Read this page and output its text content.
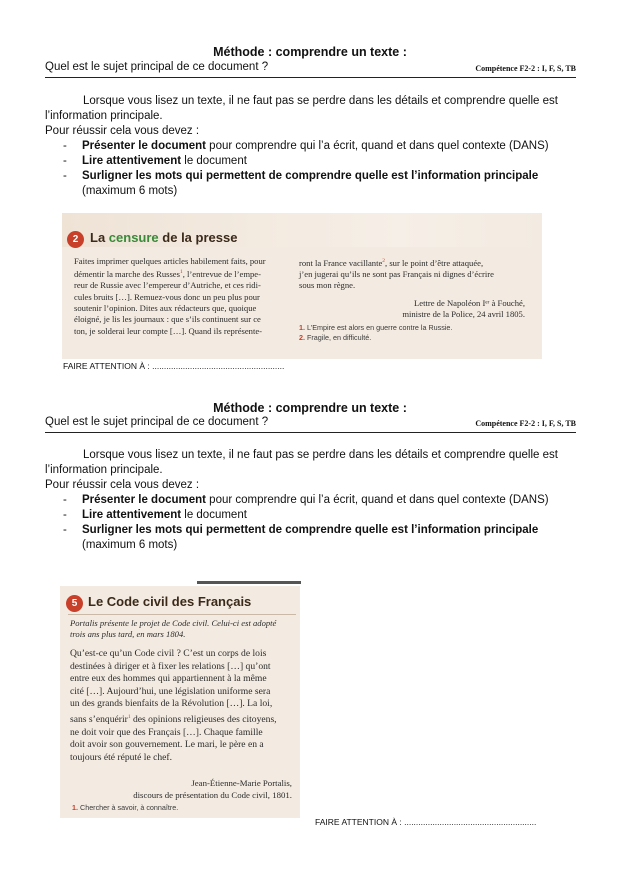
Méthode : comprendre un texte :
Quel est le sujet principal de ce document ?	Compétence F2-2 : I, F, S, TB
Lorsque vous lisez un texte, il ne faut pas se perdre dans les détails et comprendre quelle est
l’information principale.
Pour réussir cela vous devez :
- Présenter le document pour comprendre qui l’a écrit, quand et dans quel contexte (DANS)
- Lire attentivement le document
- Surligner les mots qui permettent de comprendre quelle est l’information principale (maximum 6 mots)
2 La censure de la presse
Faites imprimer quelques articles habilement faits, pour
démentir la marche des Russes$^1$, l’entrevue de l’empe-
reur de Russie avec l’empereur d’Autriche, et ces ridi-
cules bruits […]. Remuez-vous donc un peu plus pour
soutenir l’opinion. Dites aux rédacteurs que, quoique
éloigné, je lis les journaux : que s’ils continuent sur ce
ton, je solderai leur compte […]. Quand ils représente-
ront la France vacillante$^2$, sur le point d’être attaquée,
j’en jugerai qu’ils ne sont pas Français ni dignes d’écrire
sous mon règne.
Lettre de Napoléon Iᵉʳ à Fouché,
ministre de la Police, 24 avril 1805.
1. L’Empire est alors en guerre contre la Russie.
2. Fragile, en difficulté.
FAIRE ATTENTION À : ........................................................
Méthode : comprendre un texte :
Quel est le sujet principal de ce document ?	Compétence F2-2 : I, F, S, TB
Lorsque vous lisez un texte, il ne faut pas se perdre dans les détails et comprendre quelle est
l’information principale.
Pour réussir cela vous devez :
- Présenter le document pour comprendre qui l’a écrit, quand et dans quel contexte (DANS)
- Lire attentivement le document
- Surligner les mots qui permettent de comprendre quelle est l’information principale (maximum 6 mots)
5 Le Code civil des Français
Portalis présente le projet de Code civil. Celui-ci est adopté
trois ans plus tard, en mars 1804.
Qu’est-ce qu’un Code civil ? C’est un corps de lois
destinées à diriger et à fixer les relations […] qu’ont
entre eux des hommes qui appartiennent à la même
cité […]. Aujourd’hui, une législation uniforme sera
un des grands bienfaits de la Révolution […]. La loi,
sans s’enquérir$^1$ des opinions religieuses des citoyens,
ne doit voir que des Français […]. Chaque famille
doit avoir son gouvernement. Le mari, le père en a
toujours été réputé le chef.
Jean-Étienne-Marie Portalis,
discours de présentation du Code civil, 1801.
1. Chercher à savoir, à connaître.
FAIRE ATTENTION À : ........................................................
